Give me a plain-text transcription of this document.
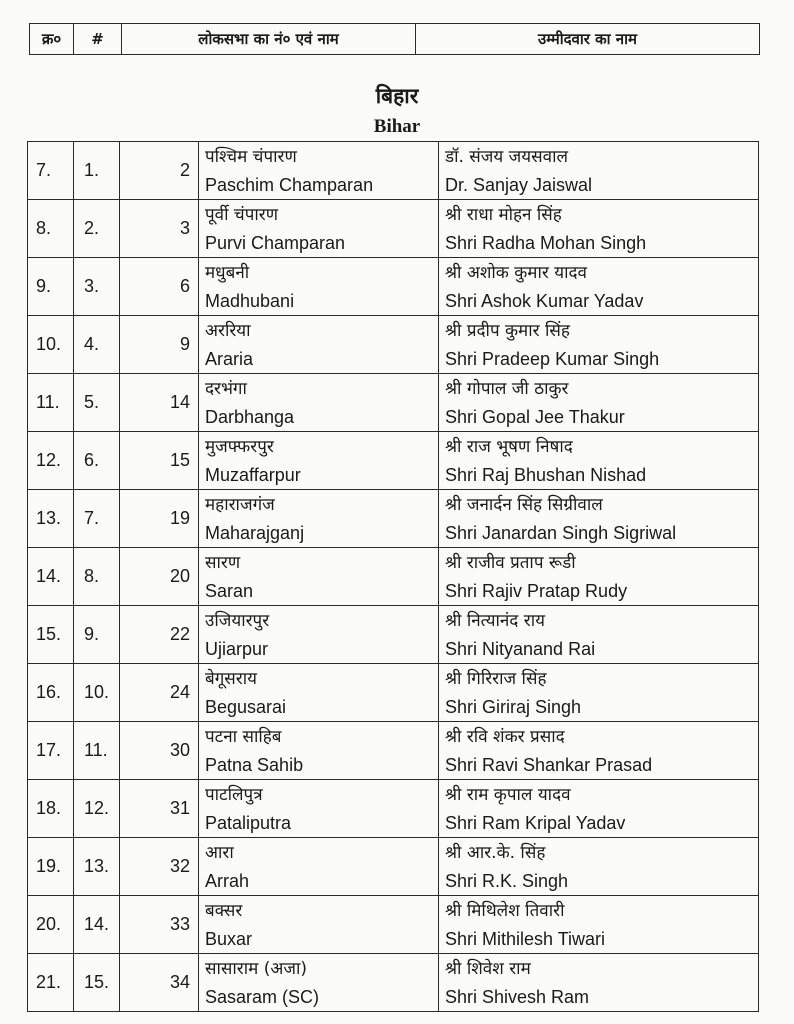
क्र०	#	लोकसभा का नं० एवं नाम	उम्मीदवार का नाम
बिहार
Bihar
7.	1.	2	पश्चिम चंपारण
Paschim Champaran	डॉ. संजय जयसवाल
Dr. Sanjay Jaiswal

8.	2.	3	पूर्वी चंपारण
Purvi Champaran	श्री राधा मोहन सिंह
Shri Radha Mohan Singh

9.	3.	6	मधुबनी
Madhubani	श्री अशोक कुमार यादव
Shri Ashok Kumar Yadav

10.	4.	9	अररिया
Araria	श्री प्रदीप कुमार सिंह
Shri Pradeep Kumar Singh

11.	5.	14	दरभंगा
Darbhanga	श्री गोपाल जी ठाकुर
Shri Gopal Jee Thakur

12.	6.	15	मुजफ्फरपुर
Muzaffarpur	श्री राज भूषण निषाद
Shri Raj Bhushan Nishad

13.	7.	19	महाराजगंज
Maharajganj	श्री जनार्दन सिंह सिग्रीवाल
Shri Janardan Singh Sigriwal

14.	8.	20	सारण
Saran	श्री राजीव प्रताप रूडी
Shri Rajiv Pratap Rudy

15.	9.	22	उजियारपुर
Ujiarpur	श्री नित्यानंद राय
Shri Nityanand Rai

16.	10.	24	बेगूसराय
Begusarai	श्री गिरिराज सिंह
Shri Giriraj Singh

17.	11.	30	पटना साहिब
Patna Sahib	श्री रवि शंकर प्रसाद
Shri Ravi Shankar Prasad

18.	12.	31	पाटलिपुत्र
Pataliputra	श्री राम कृपाल यादव
Shri Ram Kripal Yadav

19.	13.	32	आरा
Arrah	श्री आर.के. सिंह
Shri R.K. Singh

20.	14.	33	बक्सर
Buxar	श्री मिथिलेश तिवारी
Shri Mithilesh Tiwari

21.	15.	34	सासाराम (अजा)
Sasaram (SC)	श्री शिवेश राम
Shri Shivesh Ram
